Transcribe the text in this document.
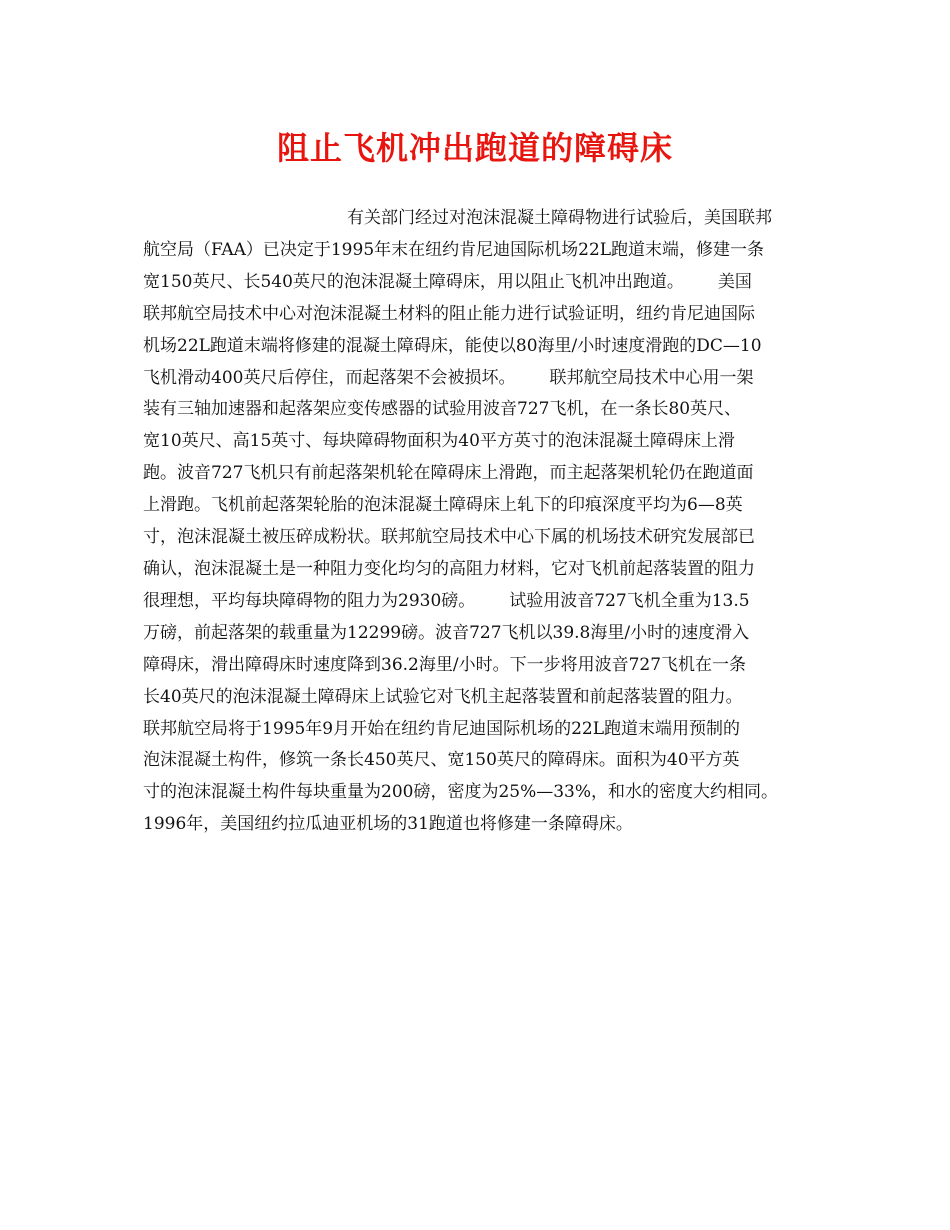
阻止飞机冲出跑道的障碍床
有关部门经过对泡沫混凝土障碍物进行试验后，美国联邦
航空局（FAA）已决定于1995年末在纽约肯尼迪国际机场22L跑道末端，修建一条
宽150英尺、长540英尺的泡沫混凝土障碍床，用以阻止飞机冲出跑道。 美国
联邦航空局技术中心对泡沫混凝土材料的阻止能力进行试验证明，纽约肯尼迪国际
机场22L跑道末端将修建的混凝土障碍床，能使以80海里/小时速度滑跑的DC—10
飞机滑动400英尺后停住，而起落架不会被损坏。 联邦航空局技术中心用一架
装有三轴加速器和起落架应变传感器的试验用波音727飞机，在一条长80英尺、
宽10英尺、高15英寸、每块障碍物面积为40平方英寸的泡沫混凝土障碍床上滑
跑。波音727飞机只有前起落架机轮在障碍床上滑跑，而主起落架机轮仍在跑道面
上滑跑。飞机前起落架轮胎的泡沫混凝土障碍床上轧下的印痕深度平均为6—8英
寸，泡沫混凝土被压碎成粉状。联邦航空局技术中心下属的机场技术研究发展部已
确认，泡沫混凝土是一种阻力变化均匀的高阻力材料，它对飞机前起落装置的阻力
很理想，平均每块障碍物的阻力为2930磅。 试验用波音727飞机全重为13.5
万磅，前起落架的载重量为12299磅。波音727飞机以39.8海里/小时的速度滑入
障碍床，滑出障碍床时速度降到36.2海里/小时。下一步将用波音727飞机在一条
长40英尺的泡沫混凝土障碍床上试验它对飞机主起落装置和前起落装置的阻力。
联邦航空局将于1995年9月开始在纽约肯尼迪国际机场的22L跑道末端用预制的
泡沫混凝土构件，修筑一条长450英尺、宽150英尺的障碍床。面积为40平方英
寸的泡沫混凝土构件每块重量为200磅，密度为25%—33%，和水的密度大约相同。
1996年，美国纽约拉瓜迪亚机场的31跑道也将修建一条障碍床。
